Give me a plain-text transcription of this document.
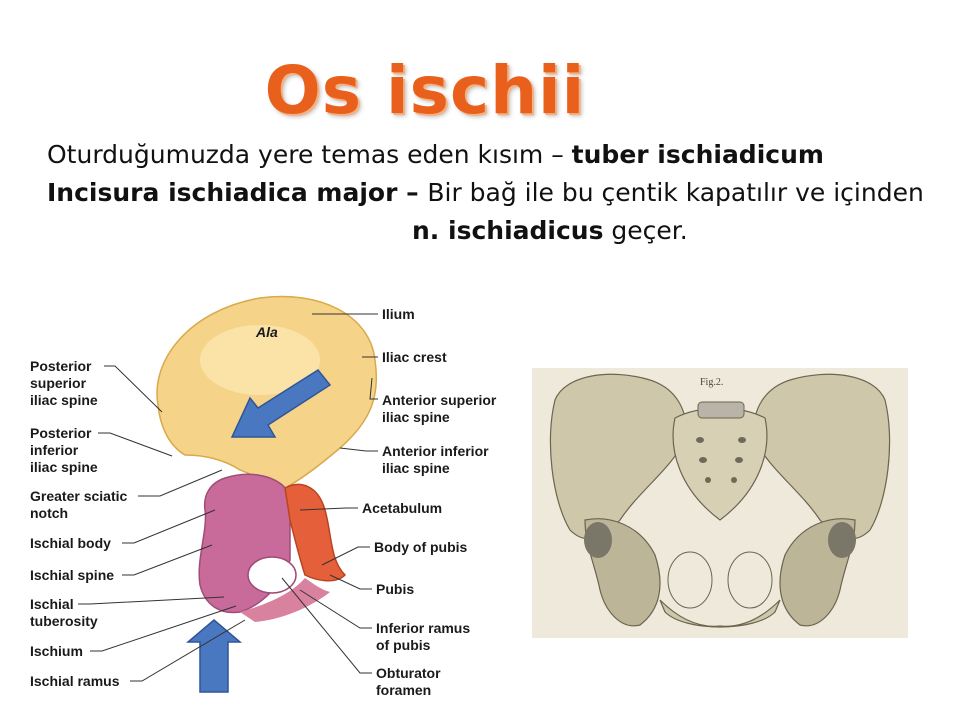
Os ischii
Oturduğumuzda yere temas eden kısım – tuber ischiadicum
Incisura ischiadica major – Bir bağ ile bu çentik kapatılır ve içinden
n. ischiadicus geçer.
Ala
Posterior superior iliac spine
Posterior inferior iliac spine
Greater sciatic notch
Ischial body
Ischial spine
Ischial tuberosity
Ischium
Ischial ramus
Ilium
Iliac crest
Anterior superior iliac spine
Anterior inferior iliac spine
Acetabulum
Body of pubis
Pubis
Inferior ramus of pubis
Obturator foramen
Fig.2.
